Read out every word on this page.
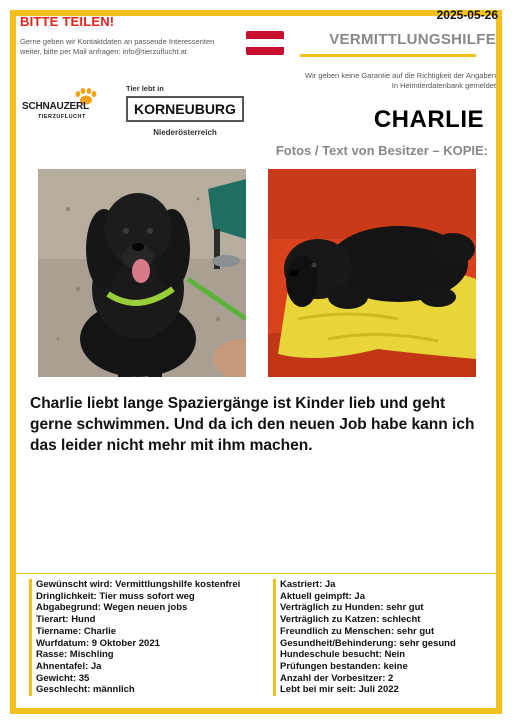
BITTE TEILEN!
Gerne geben wir Kontaktdaten an passende Interessenten
weiter, bitte per Mail anfragen: info@tierzuflucht.at
2025-05-26
VERMITTLUNGSHILFE
Wir geben keine Garantie auf die Richtigkeit der Angaben
In Heimtierdatenbank gemeldet
SCHNAUZERL
TIERZUFLUCHT
Tier lebt in
KORNEUBURG
Niederösterreich	CHARLIE
Fotos / Text von Besitzer – KOPIE:
Charlie liebt lange Spaziergänge ist Kinder lieb und geht gerne schwimmen. Und da ich den neuen Job habe kann ich das leider nicht mehr mit ihm machen.
Gewünscht wird: Vermittlungshilfe kostenfrei
Dringlichkeit: Tier muss sofort weg
Abgabegrund: Wegen neuen jobs
Tierart: Hund
Tiername: Charlie
Wurfdatum: 9 Oktober 2021
Rasse: Mischling
Ahnentafel: Ja
Gewicht: 35
Geschlecht: männlich
Kastriert: Ja
Aktuell geimpft: Ja
Verträglich zu Hunden: sehr gut
Verträglich zu Katzen: schlecht
Freundlich zu Menschen: sehr gut
Gesundheit/Behinderung: sehr gesund
Hundeschule besucht: Nein
Prüfungen bestanden: keine
Anzahl der Vorbesitzer: 2
Lebt bei mir seit: Juli 2022
